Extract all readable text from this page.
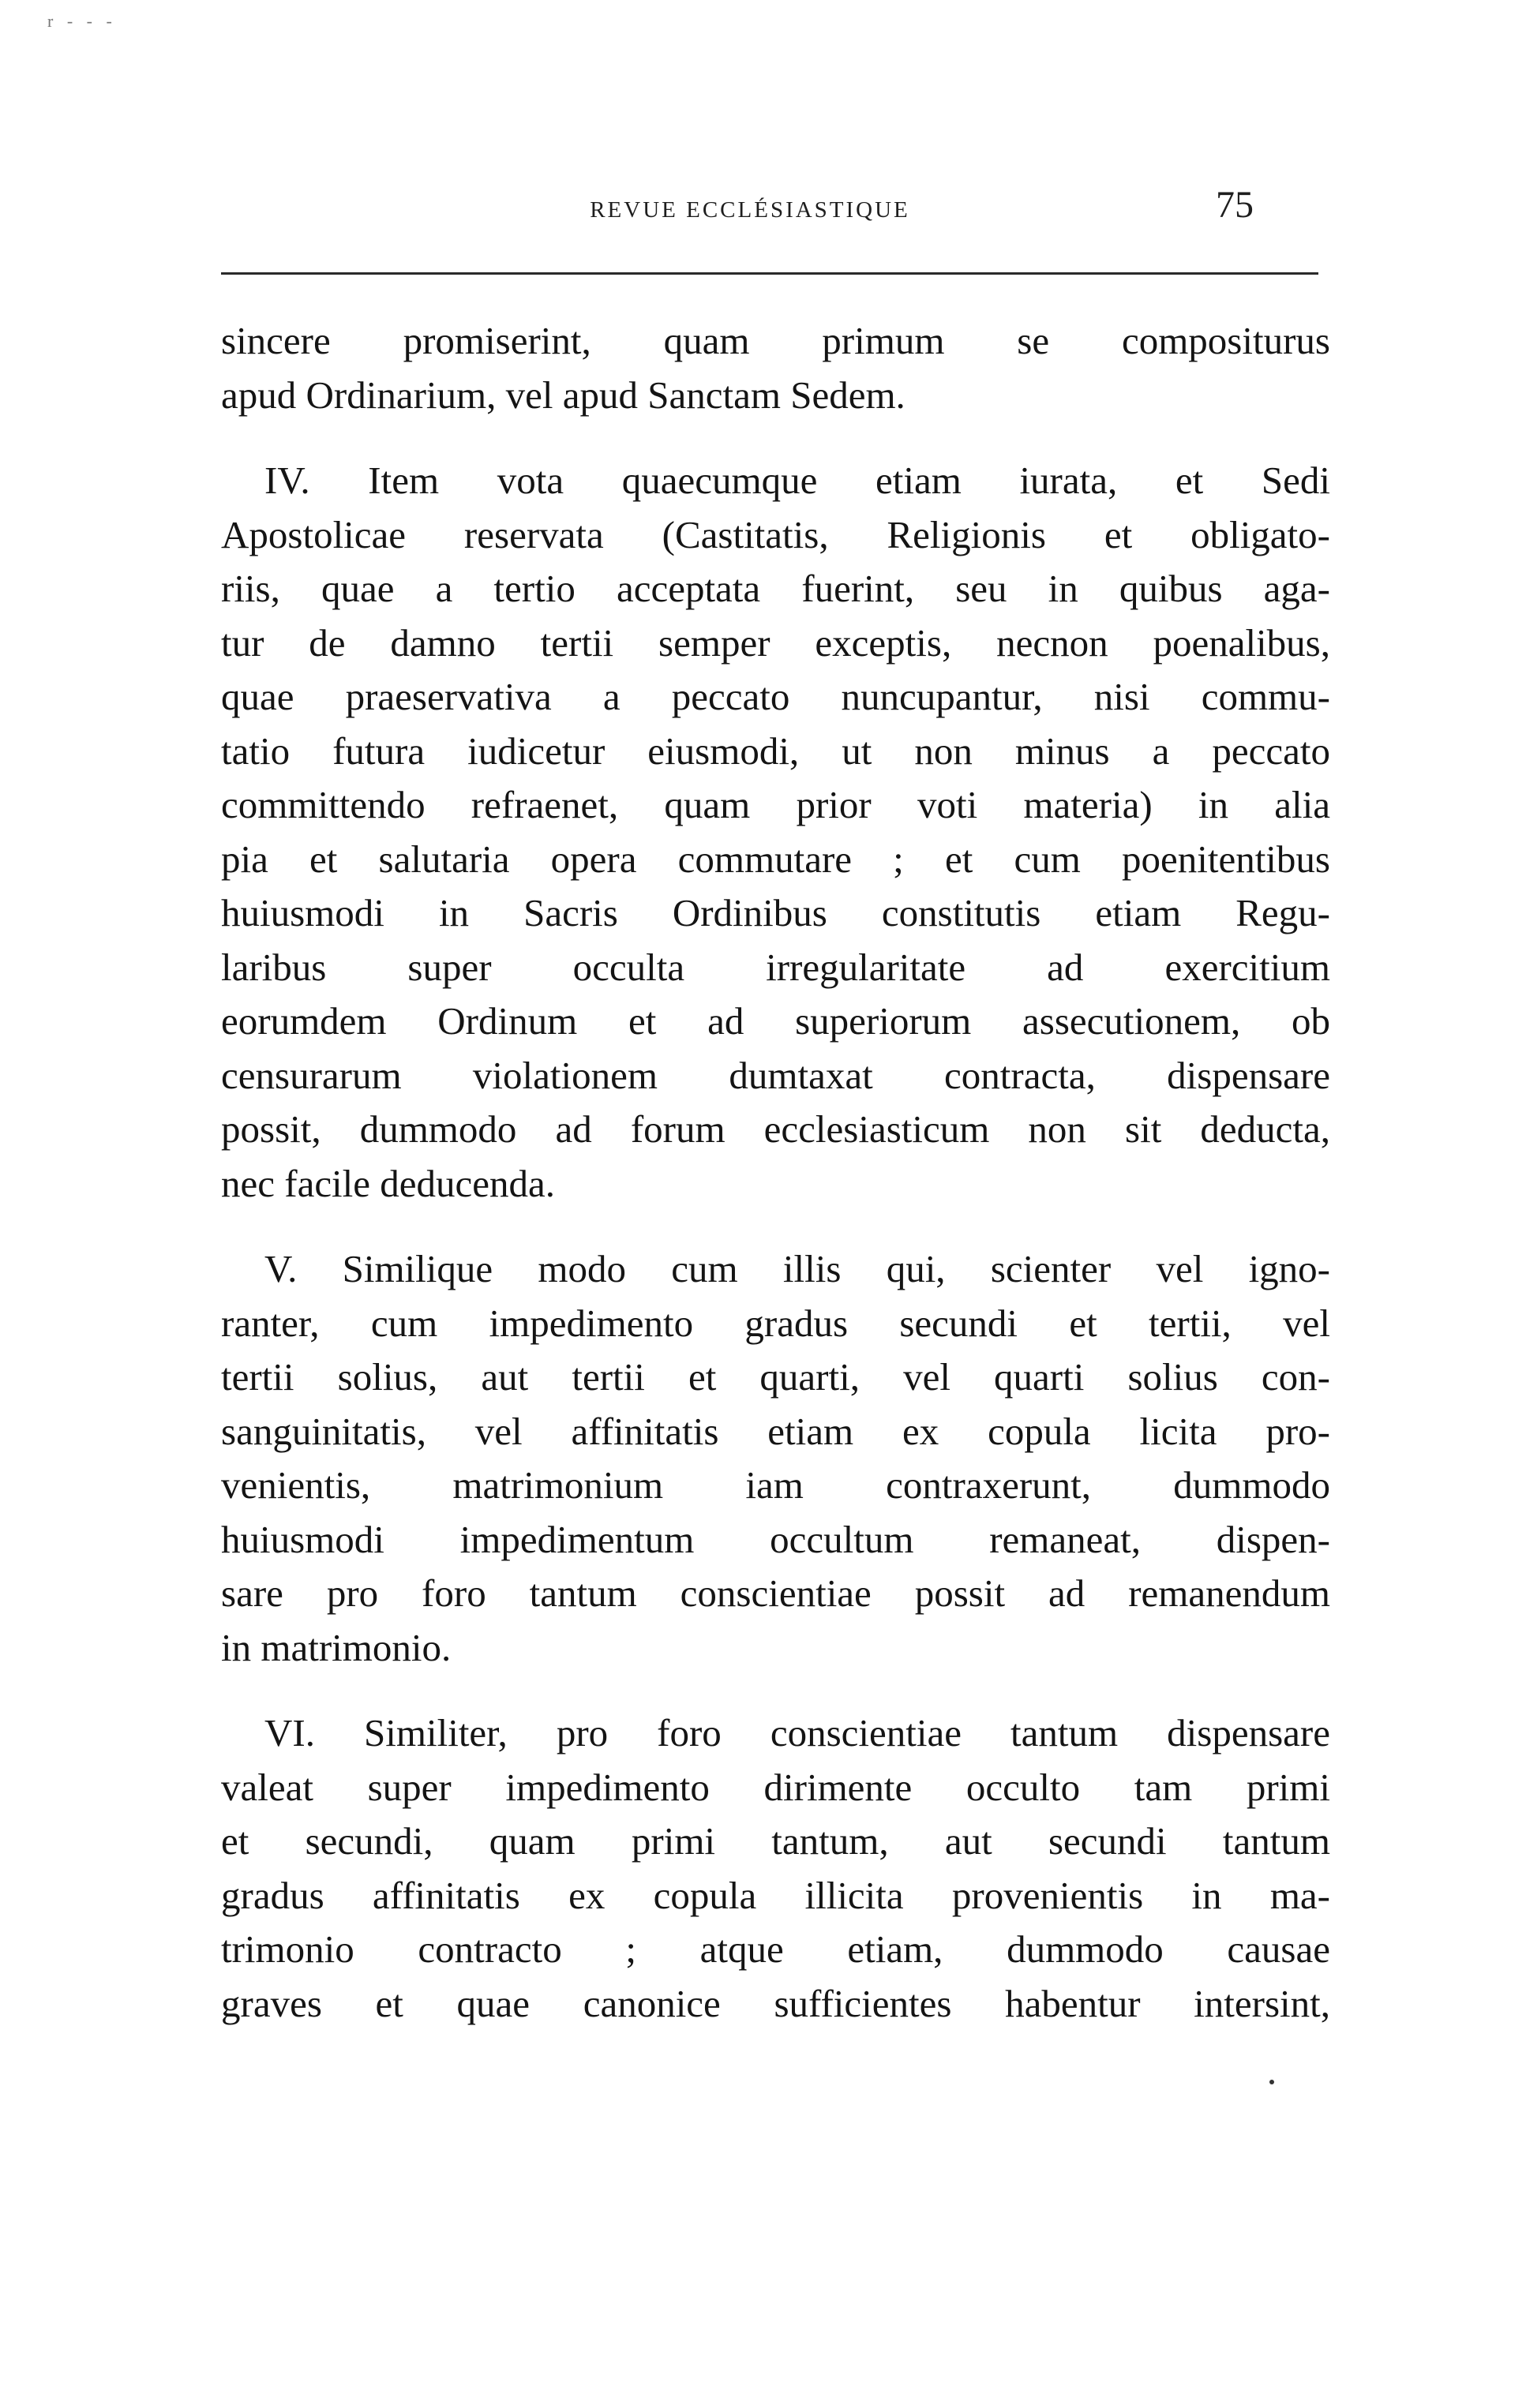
r - - -
REVUE ECCLÉSIASTIQUE	75
sincere promiserint, quam primum se compositurus
apud Ordinarium, vel apud Sanctam Sedem.
IV. Item vota quaecumque etiam iurata, et Sedi
Apostolicae reservata (Castitatis, Religionis et obligato-
riis, quae a tertio acceptata fuerint, seu in quibus aga-
tur de damno tertii semper exceptis, necnon poenalibus,
quae praeservativa a peccato nuncupantur, nisi commu-
tatio futura iudicetur eiusmodi, ut non minus a peccato
committendo refraenet, quam prior voti materia) in alia
pia et salutaria opera commutare ; et cum poenitentibus
huiusmodi in Sacris Ordinibus constitutis etiam Regu-
laribus super occulta irregularitate ad exercitium
eorumdem Ordinum et ad superiorum assecutionem, ob
censurarum violationem dumtaxat contracta, dispensare
possit, dummodo ad forum ecclesiasticum non sit deducta,
nec facile deducenda.
V. Similique modo cum illis qui, scienter vel igno-
ranter, cum impedimento gradus secundi et tertii, vel
tertii solius, aut tertii et quarti, vel quarti solius con-
sanguinitatis, vel affinitatis etiam ex copula licita pro-
venientis, matrimonium iam contraxerunt, dummodo
huiusmodi impedimentum occultum remaneat, dispen-
sare pro foro tantum conscientiae possit ad remanendum
in matrimonio.
VI. Similiter, pro foro conscientiae tantum dispensare
valeat super impedimento dirimente occulto tam primi
et secundi, quam primi tantum, aut secundi tantum
gradus affinitatis ex copula illicita provenientis in ma-
trimonio contracto ; atque etiam, dummodo causae
graves et quae canonice sufficientes habentur intersint,
